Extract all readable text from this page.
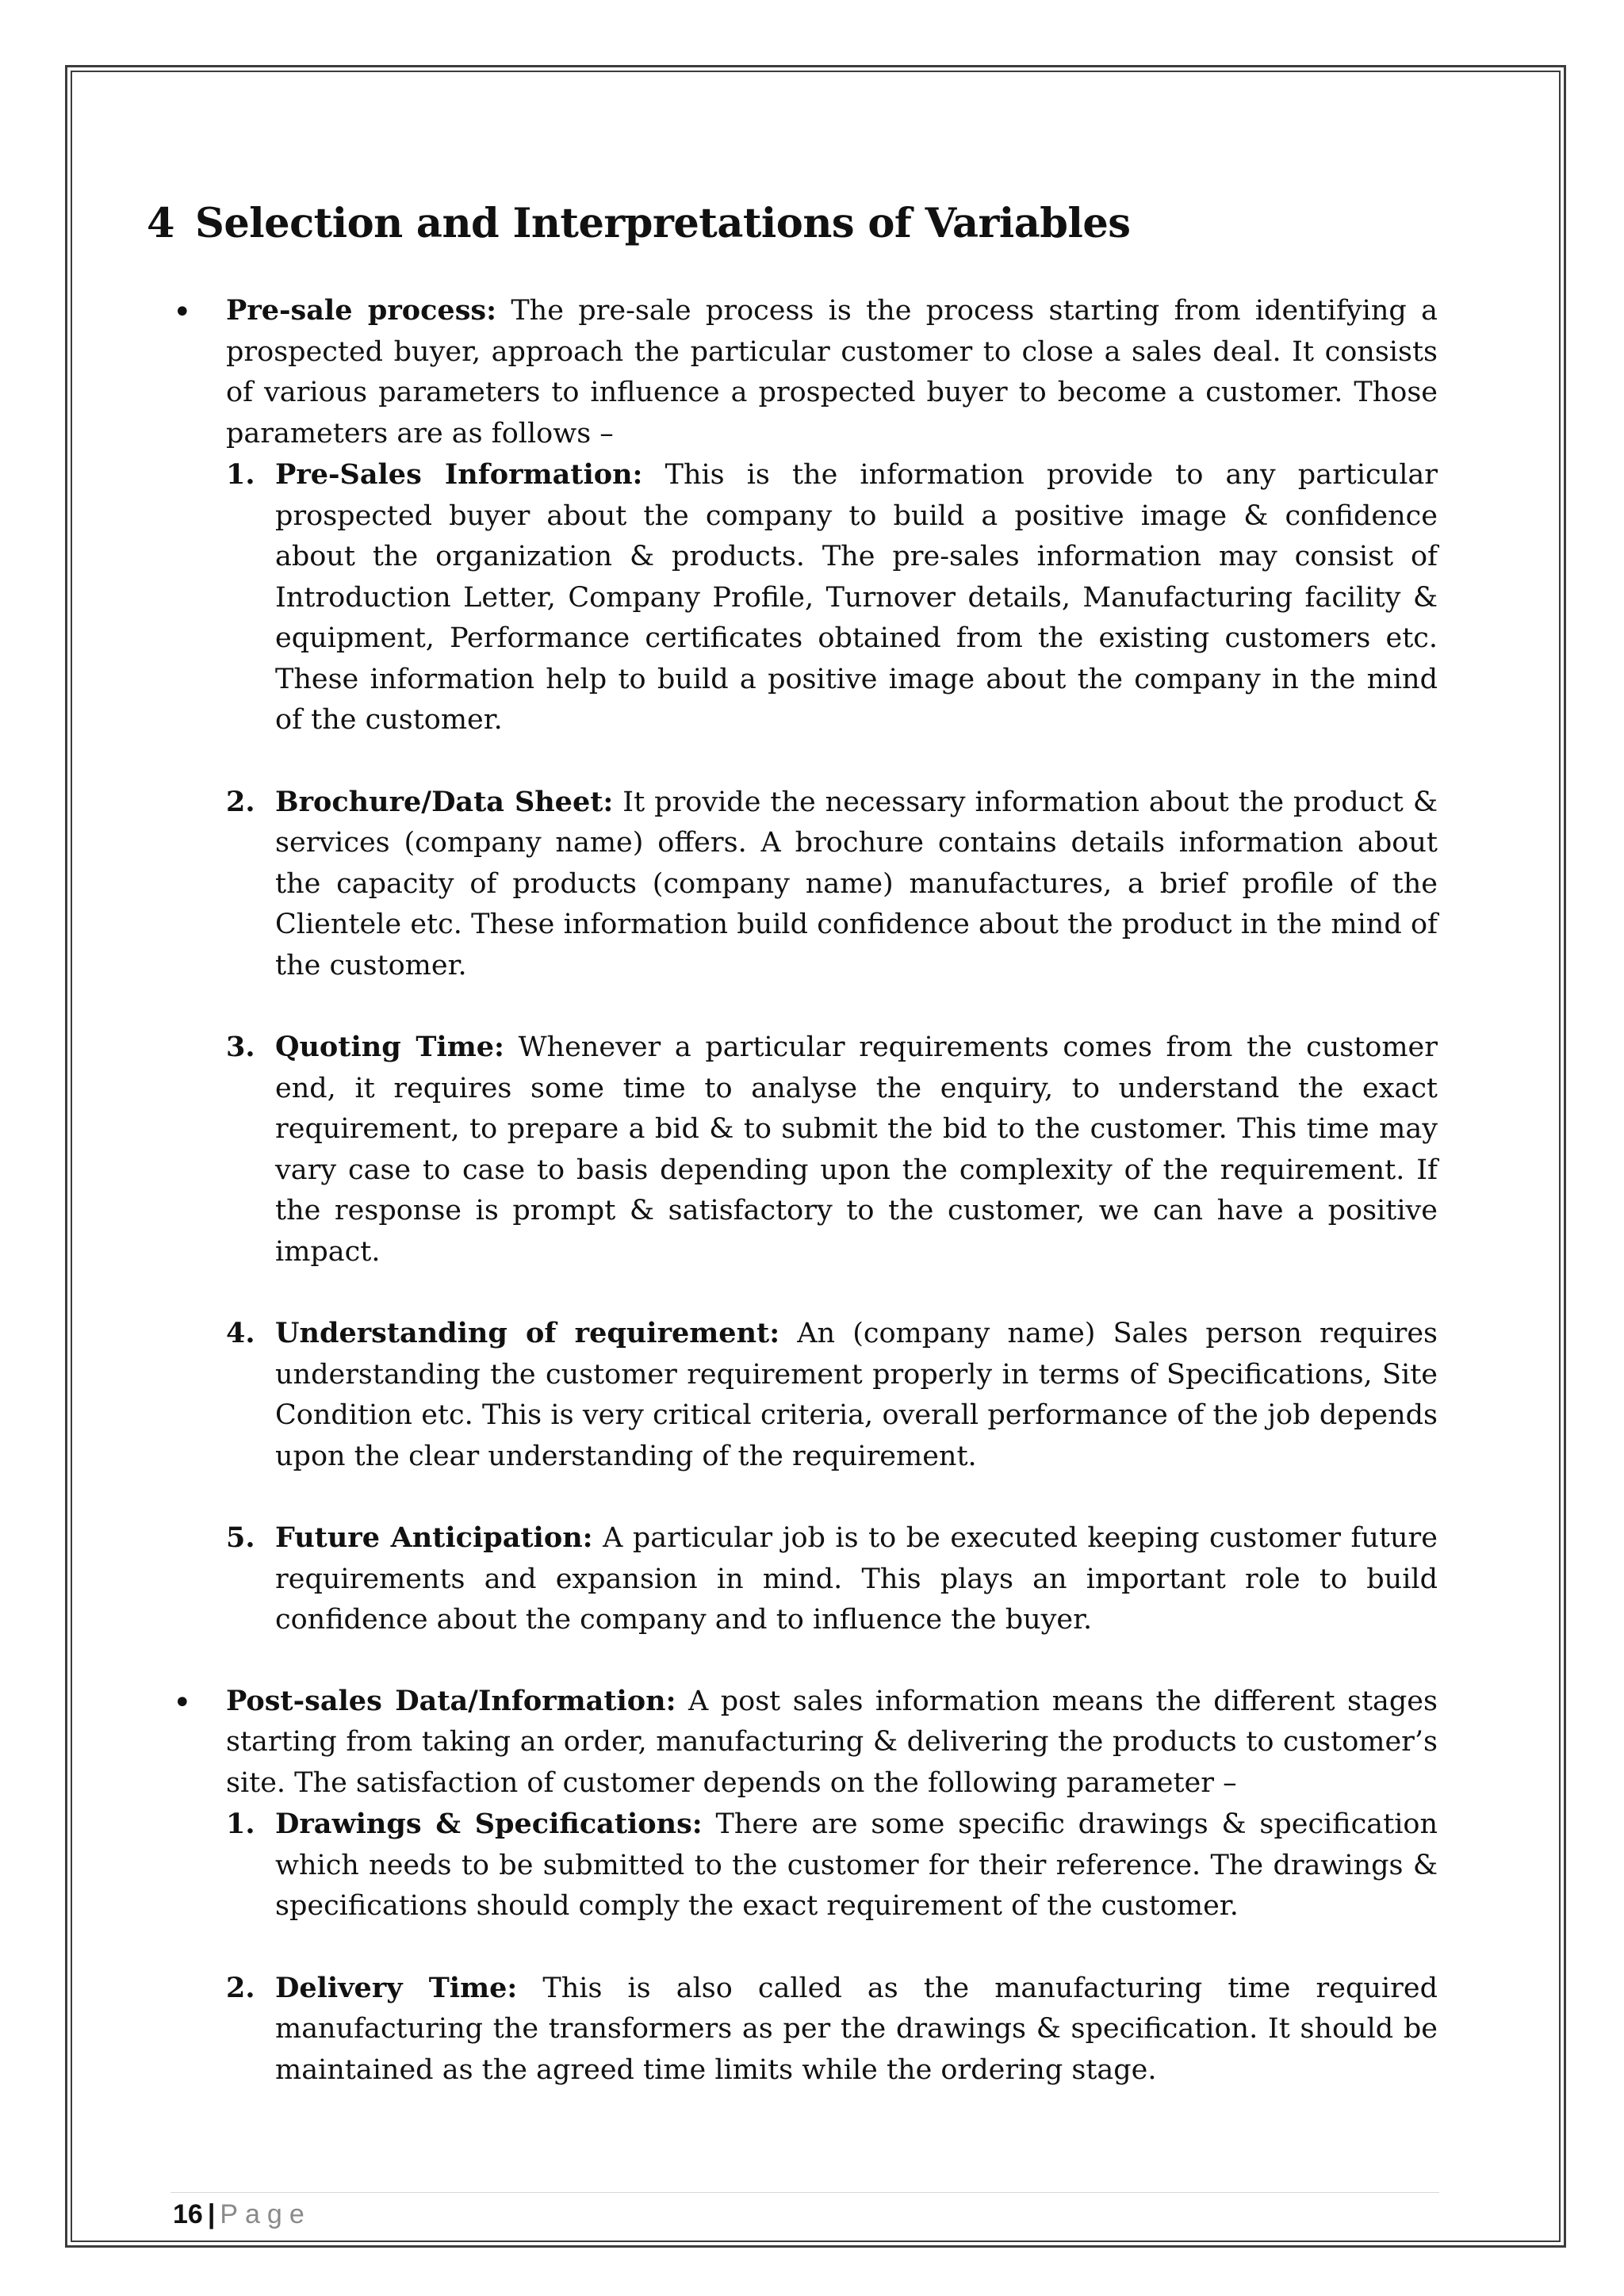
4 Selection and Interpretations of Variables
• Pre-sale process: The pre-sale process is the process starting from identifying a prospected buyer, approach the particular customer to close a sales deal. It consists of various parameters to influence a prospected buyer to become a customer. Those parameters are as follows –

1. Pre-Sales Information: This is the information provide to any particular prospected buyer about the company to build a positive image & confidence about the organization & products. The pre-sales information may consist of Introduction Letter, Company Profile, Turnover details, Manufacturing facility & equipment, Performance certificates obtained from the existing customers etc. These information help to build a positive image about the company in the mind of the customer.

2. Brochure/Data Sheet: It provide the necessary information about the product & services (company name) offers. A brochure contains details information about the capacity of products (company name) manufactures, a brief profile of the Clientele etc. These information build confidence about the product in the mind of the customer.

3. Quoting Time: Whenever a particular requirements comes from the customer end, it requires some time to analyse the enquiry, to understand the exact requirement, to prepare a bid & to submit the bid to the customer. This time may vary case to case to basis depending upon the complexity of the requirement. If the response is prompt & satisfactory to the customer, we can have a positive impact.

4. Understanding of requirement: An (company name) Sales person requires understanding the customer requirement properly in terms of Specifications, Site Condition etc. This is very critical criteria, overall performance of the job depends upon the clear understanding of the requirement.

5. Future Anticipation: A particular job is to be executed keeping customer future requirements and expansion in mind. This plays an important role to build confidence about the company and to influence the buyer.

• Post-sales Data/Information: A post sales information means the different stages starting from taking an order, manufacturing & delivering the products to customer’s site. The satisfaction of customer depends on the following parameter –

1. Drawings & Specifications: There are some specific drawings & specification which needs to be submitted to the customer for their reference. The drawings & specifications should comply the exact requirement of the customer.

2. Delivery Time: This is also called as the manufacturing time required manufacturing the transformers as per the drawings & specification. It should be maintained as the agreed time limits while the ordering stage.

16 | Page
